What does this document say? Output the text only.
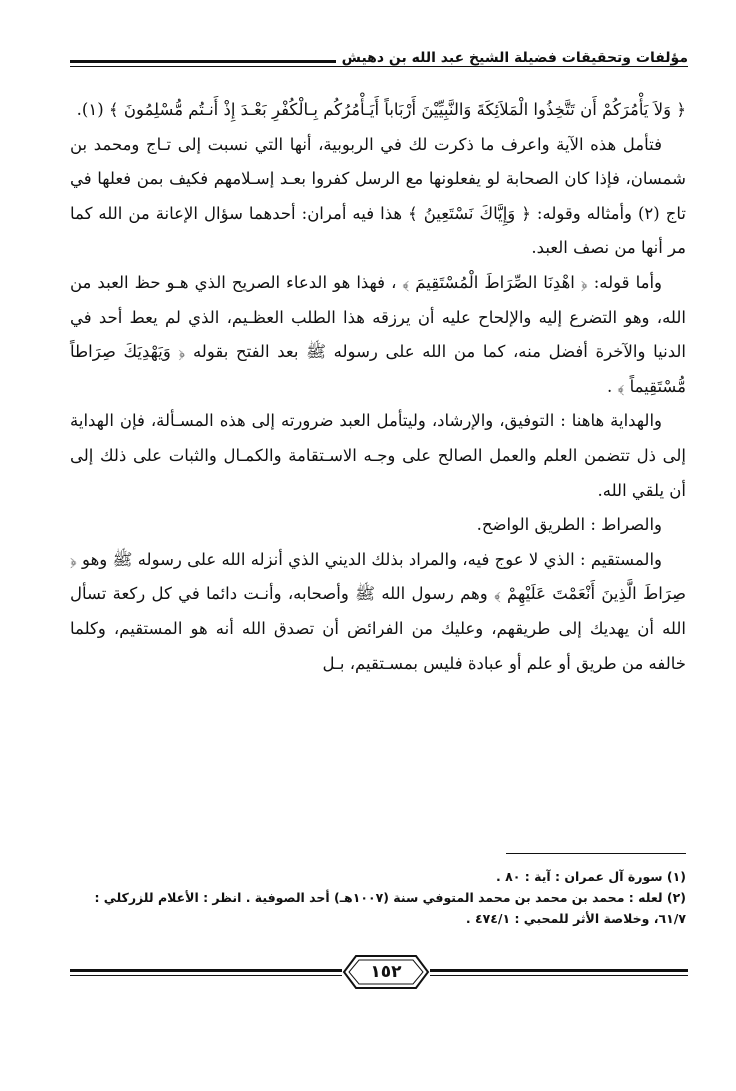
مؤلفات وتحقيقات فضيلة الشيخ عبد الله بن دهيش

﴿ وَلاَ يَأْمُرَكُمْ أَن تَتَّخِذُوا الْمَلاَئِكَةَ وَالنَّبِيِّيْنَ أَرْبَاباً أَيَـأْمُرُكُم بِـالْكُفْرِ بَعْـدَ إِذْ أَنـتُم مُّسْلِمُونَ ﴾ (١).

فتأمل هذه الآية واعرف ما ذكرت لك في الربوبية، أنها التي نسبت إلى تـاج ومحمد بن شمسان، فإذا كان الصحابة لو يفعلونها مع الرسل كفروا بعـد إسـلامهم فكيف بمن فعلها في تاج (٢) وأمثاله وقوله: ﴿ وَإِيَّاكَ نَسْتَعِينُ ﴾ هذا فيه أمران: أحدهما سؤال الإعانة من الله كما مر أنها من نصف العبد.

وأما قوله: ﴿ اهْدِنَا الصِّرَاطَ الْمُسْتَقِيمَ ﴾ ، فهذا هو الدعاء الصريح الذي هـو حظ العبد من الله، وهو التضرع إليه والإلحاح عليه أن يرزقه هذا الطلب العظـيم، الذي لم يعط أحد في الدنيا والآخرة أفضل منه، كما من الله على رسوله ﷺ بعد الفتح بقوله ﴿ وَيَهْدِيَكَ صِرَاطاً مُّسْتَقِيماً ﴾ .

والهداية هاهنا : التوفيق، والإرشاد، وليتأمل العبد ضرورته إلى هذه المسـألة، فإن الهداية إلى ذل تتضمن العلم والعمل الصالح على وجـه الاسـتقامة والكمـال والثبات على ذلك إلى أن يلقي الله.

والصراط : الطريق الواضح.

والمستقيم : الذي لا عوج فيه، والمراد بذلك الديني الذي أنزله الله على رسوله ﷺ وهو ﴿ صِرَاطَ الَّذِينَ أَنْعَمْتَ عَلَيْهِمْ ﴾ وهم رسول الله ﷺ وأصحابه، وأنـت دائما في كل ركعة تسأل الله أن يهديك إلى طريقهم، وعليك من الفرائض أن تصدق الله أنه هو المستقيم، وكلما خالفه من طريق أو علم أو عبادة فليس بمسـتقيم، بـل

(١) سورة آل عمران : آية : ٨٠ .

(٢) لعله : محمد بن محمد بن محمد المتوفي سنة (١٠٠٧هـ) أحد الصوفية . انظر : الأعلام للزركلي : ٦١/٧، وخلاصة الأثر للمحبي : ٤٧٤/١ .

١٥٢
